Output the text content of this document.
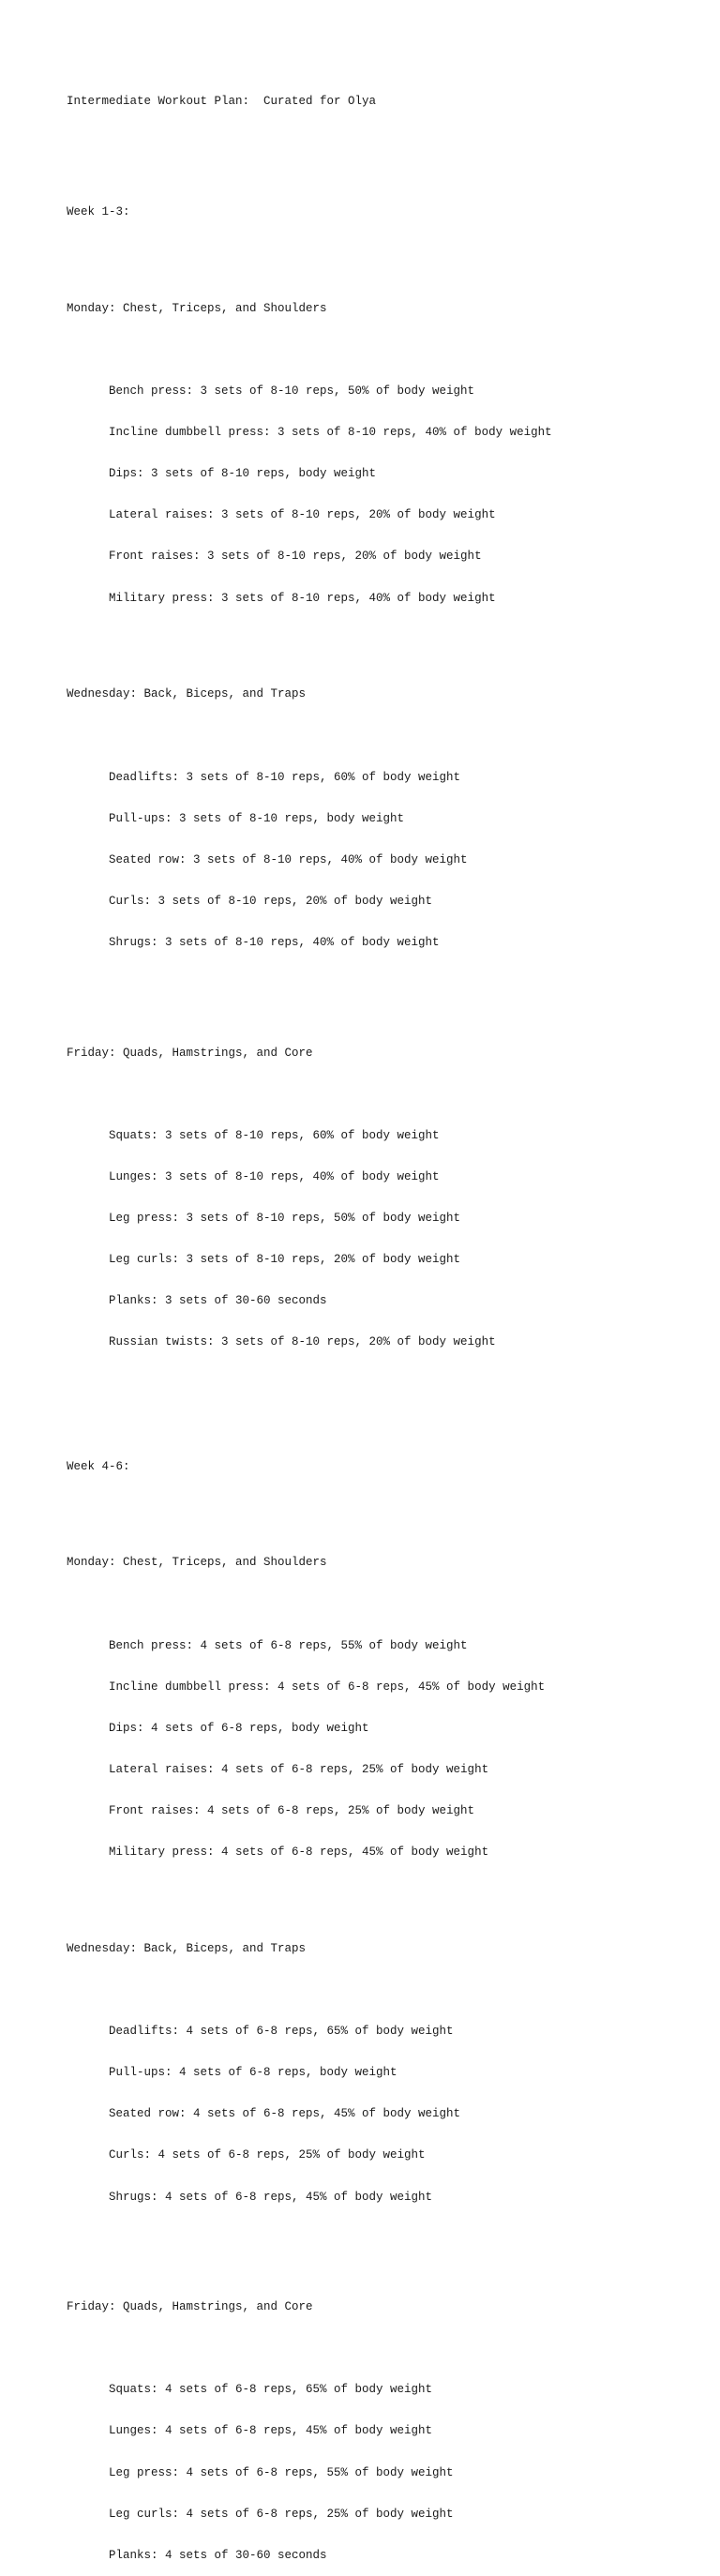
Intermediate Workout Plan:  Curated for Olya

Week 1-3:

Monday: Chest, Triceps, and Shoulders

Bench press: 3 sets of 8-10 reps, 50% of body weight

Incline dumbbell press: 3 sets of 8-10 reps, 40% of body weight

Dips: 3 sets of 8-10 reps, body weight

Lateral raises: 3 sets of 8-10 reps, 20% of body weight

Front raises: 3 sets of 8-10 reps, 20% of body weight

Military press: 3 sets of 8-10 reps, 40% of body weight

Wednesday: Back, Biceps, and Traps

Deadlifts: 3 sets of 8-10 reps, 60% of body weight

Pull-ups: 3 sets of 8-10 reps, body weight

Seated row: 3 sets of 8-10 reps, 40% of body weight

Curls: 3 sets of 8-10 reps, 20% of body weight

Shrugs: 3 sets of 8-10 reps, 40% of body weight

Friday: Quads, Hamstrings, and Core

Squats: 3 sets of 8-10 reps, 60% of body weight

Lunges: 3 sets of 8-10 reps, 40% of body weight

Leg press: 3 sets of 8-10 reps, 50% of body weight

Leg curls: 3 sets of 8-10 reps, 20% of body weight

Planks: 3 sets of 30-60 seconds

Russian twists: 3 sets of 8-10 reps, 20% of body weight

Week 4-6:

Monday: Chest, Triceps, and Shoulders

Bench press: 4 sets of 6-8 reps, 55% of body weight

Incline dumbbell press: 4 sets of 6-8 reps, 45% of body weight

Dips: 4 sets of 6-8 reps, body weight

Lateral raises: 4 sets of 6-8 reps, 25% of body weight

Front raises: 4 sets of 6-8 reps, 25% of body weight

Military press: 4 sets of 6-8 reps, 45% of body weight

Wednesday: Back, Biceps, and Traps

Deadlifts: 4 sets of 6-8 reps, 65% of body weight

Pull-ups: 4 sets of 6-8 reps, body weight

Seated row: 4 sets of 6-8 reps, 45% of body weight

Curls: 4 sets of 6-8 reps, 25% of body weight

Shrugs: 4 sets of 6-8 reps, 45% of body weight

Friday: Quads, Hamstrings, and Core

Squats: 4 sets of 6-8 reps, 65% of body weight

Lunges: 4 sets of 6-8 reps, 45% of body weight

Leg press: 4 sets of 6-8 reps, 55% of body weight

Leg curls: 4 sets of 6-8 reps, 25% of body weight

Planks: 4 sets of 30-60 seconds
